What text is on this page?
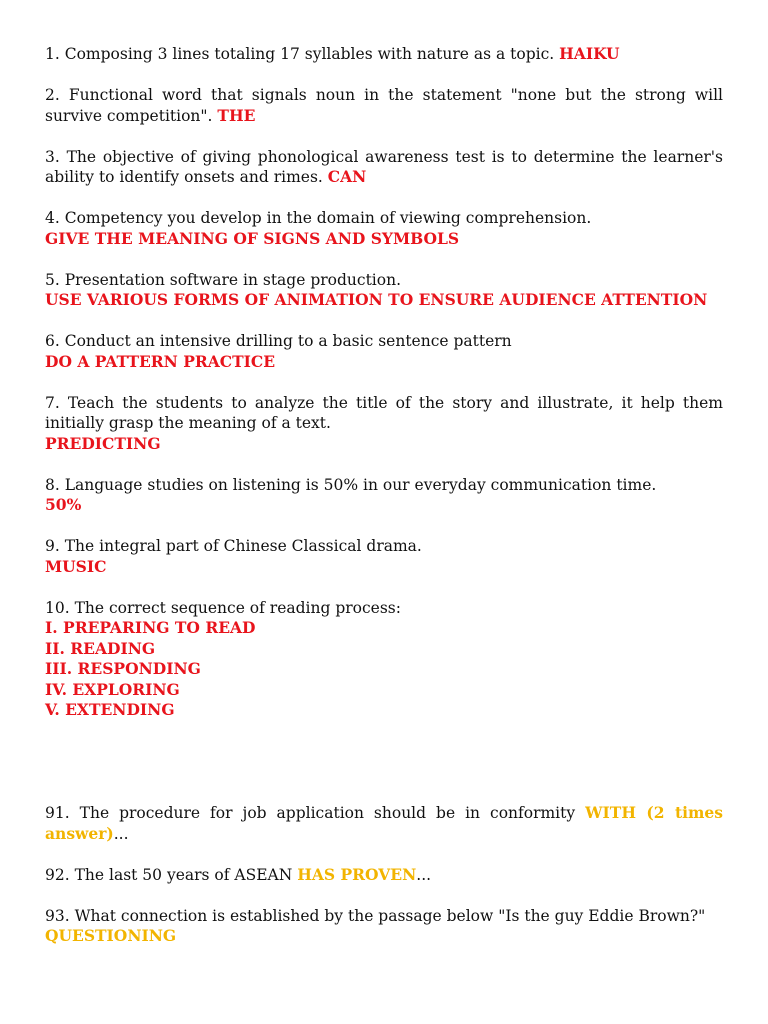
1. Composing 3 lines totaling 17 syllables with nature as a topic. HAIKU
2. Functional word that signals noun in the statement "none but the strong will survive competition". THE
3. The objective of giving phonological awareness test is to determine the learner's ability to identify onsets and rimes. CAN
4. Competency you develop in the domain of viewing comprehension.
GIVE THE MEANING OF SIGNS AND SYMBOLS
5. Presentation software in stage production.
USE VARIOUS FORMS OF ANIMATION TO ENSURE AUDIENCE ATTENTION
6. Conduct an intensive drilling to a basic sentence pattern
DO A PATTERN PRACTICE
7. Teach the students to analyze the title of the story and illustrate, it help them initially grasp the meaning of a text.
PREDICTING
8. Language studies on listening is 50% in our everyday communication time.
50%
9. The integral part of Chinese Classical drama.
MUSIC
10. The correct sequence of reading process:
I. PREPARING TO READ
II. READING
III. RESPONDING
IV. EXPLORING
V. EXTENDING
91. The procedure for job application should be in conformity WITH (2 times answer)...
92. The last 50 years of ASEAN HAS PROVEN...
93. What connection is established by the passage below "Is the guy Eddie Brown?"
QUESTIONING
